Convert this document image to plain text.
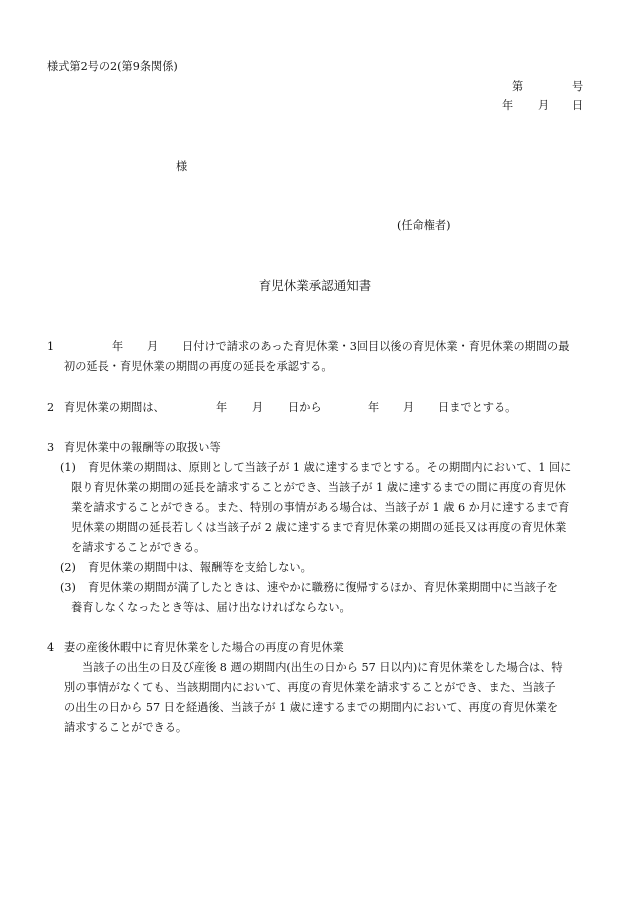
様式第2号の2(第9条関係)
第	号
年 月 日
様
(任命権者)
育児休業承認通知書
1	年 月 日付けで請求のあった育児休業・3回目以後の育児休業・育児休業の期間の最
初の延長・育児休業の期間の再度の延長を承認する。
2 育児休業の期間は、	年 月 日から	年 月 日までとする。
3 育児休業中の報酬等の取扱い等
(1) 育児休業の期間は、原則として当該子が 1 歳に達するまでとする。その期間内において、1 回に
限り育児休業の期間の延長を請求することができ、当該子が 1 歳に達するまでの間に再度の育児休
業を請求することができる。また、特別の事情がある場合は、当該子が 1 歳 6 か月に達するまで育
児休業の期間の延長若しくは当該子が 2 歳に達するまで育児休業の期間の延長又は再度の育児休業
を請求することができる。
(2) 育児休業の期間中は、報酬等を支給しない。
(3) 育児休業の期間が満了したときは、速やかに職務に復帰するほか、育児休業期間中に当該子を
養育しなくなったとき等は、届け出なければならない。
4 妻の産後休暇中に育児休業をした場合の再度の育児休業
当該子の出生の日及び産後 8 週の期間内(出生の日から 57 日以内)に育児休業をした場合は、特
別の事情がなくても、当該期間内において、再度の育児休業を請求することができ、また、当該子
の出生の日から 57 日を経過後、当該子が 1 歳に達するまでの期間内において、再度の育児休業を
請求することができる。
